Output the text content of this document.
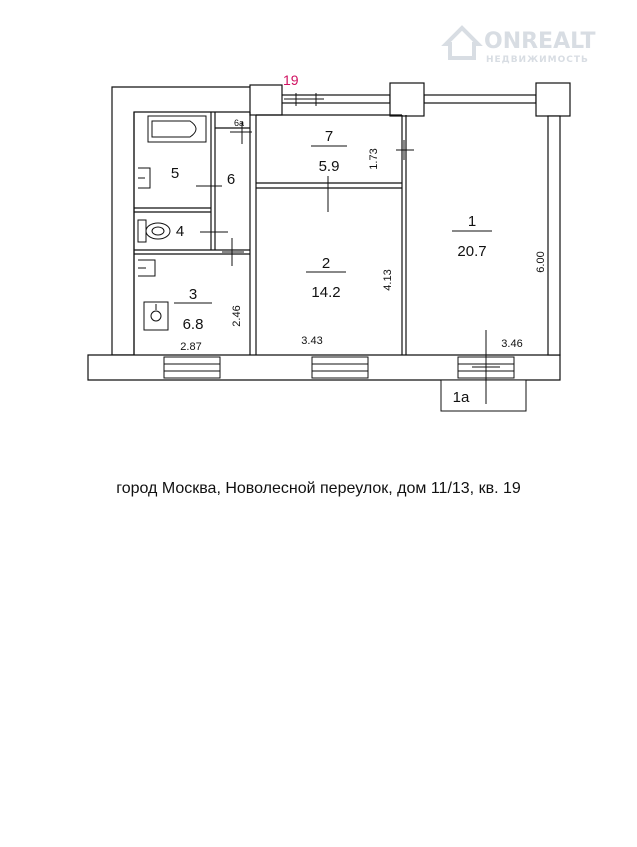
ONREALT
НЕДВИЖИМОСТЬ
19
1
20.7
2
14.2
3
6.8
4
5	6
7
5.9
6а
1а
3.46
6.00
4.13
3.43
2.87
2.46
1.73
город Москва, Новолесной переулок, дом 11/13, кв. 19
